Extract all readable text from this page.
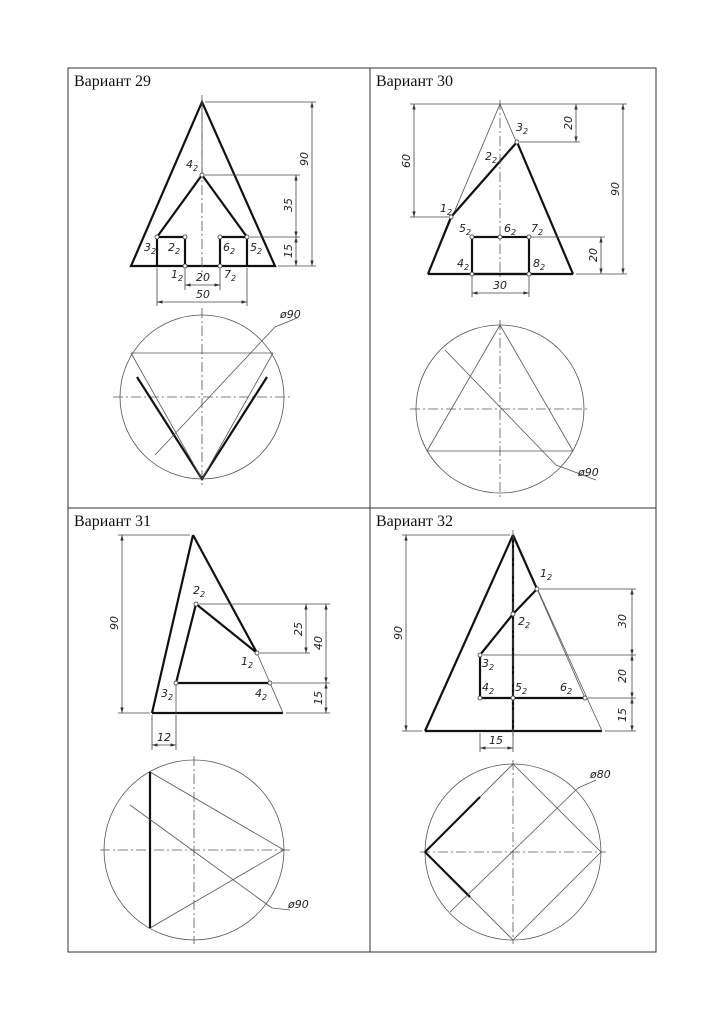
Вариант 29	Вариант 30
Вариант 31	Вариант 32
$4_2$
$3_2$ $2_2$	$6_2$ $5_2$
$1_2$	$7_2$
90
35
15
20
50
ø90
$3_2$
$2_2$
$1_2$
$5_2$	$6_2$ $7_2$
$4_2$	$8_2$
60
20
90
20
30
ø90
$2_2$
$1_2$
$3_2$	$4_2$
90	25
40
15
12
ø90
$1_2$
$2_2$
$3_2$
$4_2$ $5_2$	$6_2$
90
30
20
15
15
ø80
